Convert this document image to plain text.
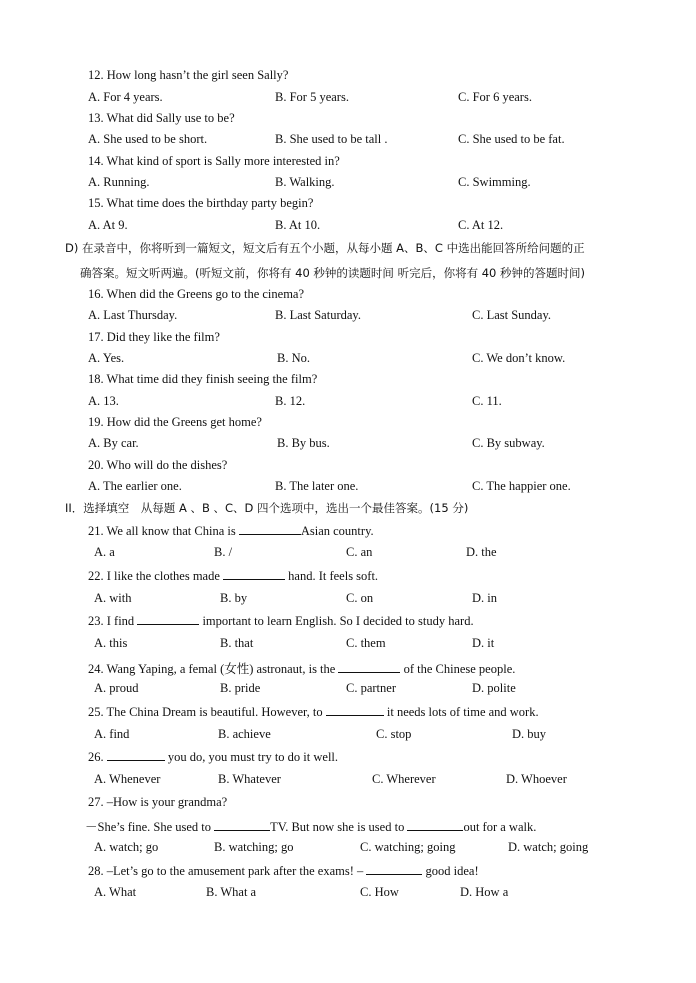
12. How long hasn’t the girl seen Sally?
A. For 4 years.	B. For 5 years.	C. For 6 years.
13. What did Sally use to be?
A. She used to be short.	B. She used to be tall .	C. She used to be fat.
14. What kind of sport is Sally more interested in?
A. Running.	B. Walking.	C. Swimming.
15. What time does the birthday party begin?
A. At 9.	B. At 10.	C. At 12.
D) 在录音中，你将听到一篇短文，短文后有五个小题，从每小题 A、B、C 中选出能回答所给问题的正
确答案。短文听两遍。(听短文前，你将有 40 秒钟的读题时间 听完后，你将有 40 秒钟的答题时间)
16. When did the Greens go to the cinema?
A. Last Thursday.	B. Last Saturday.	C. Last Sunday.
17. Did they like the film?
A. Yes.	B. No.	C. We don’t know.
18. What time did they finish seeing the film?
A. 13.	B. 12.	C. 11.
19. How did the Greens get home?
A. By car.	B. By bus.	C. By subway.
20. Who will do the dishes?
A. The earlier one.	B. The later one.	C. The happier one.
II．选择填空　从每题 A 、B 、C、D 四个选项中，选出一个最佳答案。(15 分)
21. We all know that China is	Asian country.
A. a	B. /	C. an	D. the
22. I like the clothes made	hand. It feels soft.
A. with	B. by	C. on	D. in
23. I find	important to learn English. So I decided to study hard.
A. this	B. that	C. them	D. it
24. Wang Yaping, a femal (女性) astronaut, is the	of the Chinese people.
A. proud	B. pride	C. partner	D. polite
25. The China Dream is beautiful. However, to	it needs lots of time and work.
A. find	B. achieve	C. stop	D. buy
26.	you do, you must try to do it well.
A. Whenever	B. Whatever	C. Wherever	D. Whoever
27. –How is your grandma?
－She’s fine. She used to	TV. But now she is used to	out for a walk.
A. watch; go	B. watching; go	C. watching; going	D. watch; going
28. –Let’s go to the amusement park after the exams! –	good idea!
A. What	B. What a	C. How	D. How a
